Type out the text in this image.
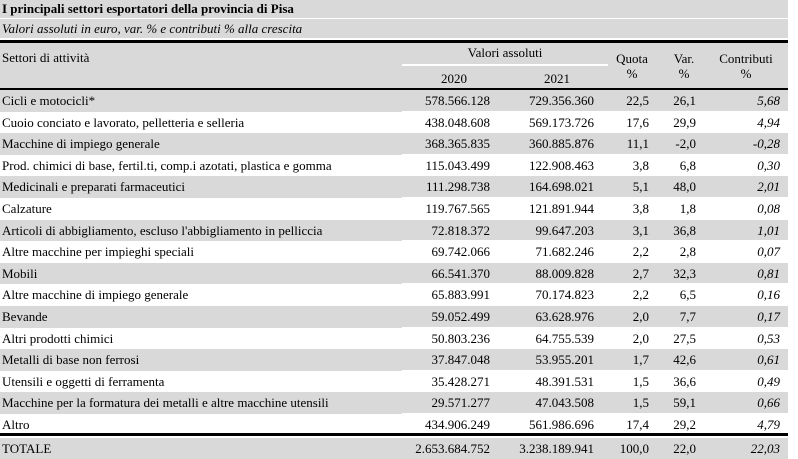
I principali settori esportatori della provincia di Pisa
Valori assoluti in euro, var. % e contributi % alla crescita
Settori di attività	Valori assoluti
2020	2021
Quota
%
Var.
%
Contributi
%
Cicli e motocicli*	578.566.128	729.356.360	22,5	26,1	5,68
Cuoio conciato e lavorato, pelletteria e selleria	438.048.608	569.173.726	17,6	29,9	4,94
Macchine di impiego generale	368.365.835	360.885.876	11,1	-2,0	-0,28
Prod. chimici di base, fertil.ti, comp.i azotati, plastica e gomma	115.043.499	122.908.463	3,8	6,8	0,30
Medicinali e preparati farmaceutici	111.298.738	164.698.021	5,1	48,0	2,01
Calzature	119.767.565	121.891.944	3,8	1,8	0,08
Articoli di abbigliamento, escluso l'abbigliamento in pelliccia	72.818.372	99.647.203	3,1	36,8	1,01
Altre macchine per impieghi speciali	69.742.066	71.682.246	2,2	2,8	0,07
Mobili	66.541.370	88.009.828	2,7	32,3	0,81
Altre macchine di impiego generale	65.883.991	70.174.823	2,2	6,5	0,16
Bevande	59.052.499	63.628.976	2,0	7,7	0,17
Altri prodotti chimici	50.803.236	64.755.539	2,0	27,5	0,53
Metalli di base non ferrosi	37.847.048	53.955.201	1,7	42,6	0,61
Utensili e oggetti di ferramenta	35.428.271	48.391.531	1,5	36,6	0,49
Macchine per la formatura dei metalli e altre macchine utensili	29.571.277	47.043.508	1,5	59,1	0,66
Altro	434.906.249	561.986.696	17,4	29,2	4,79
TOTALE	2.653.684.752	3.238.189.941	100,0	22,0	22,03
